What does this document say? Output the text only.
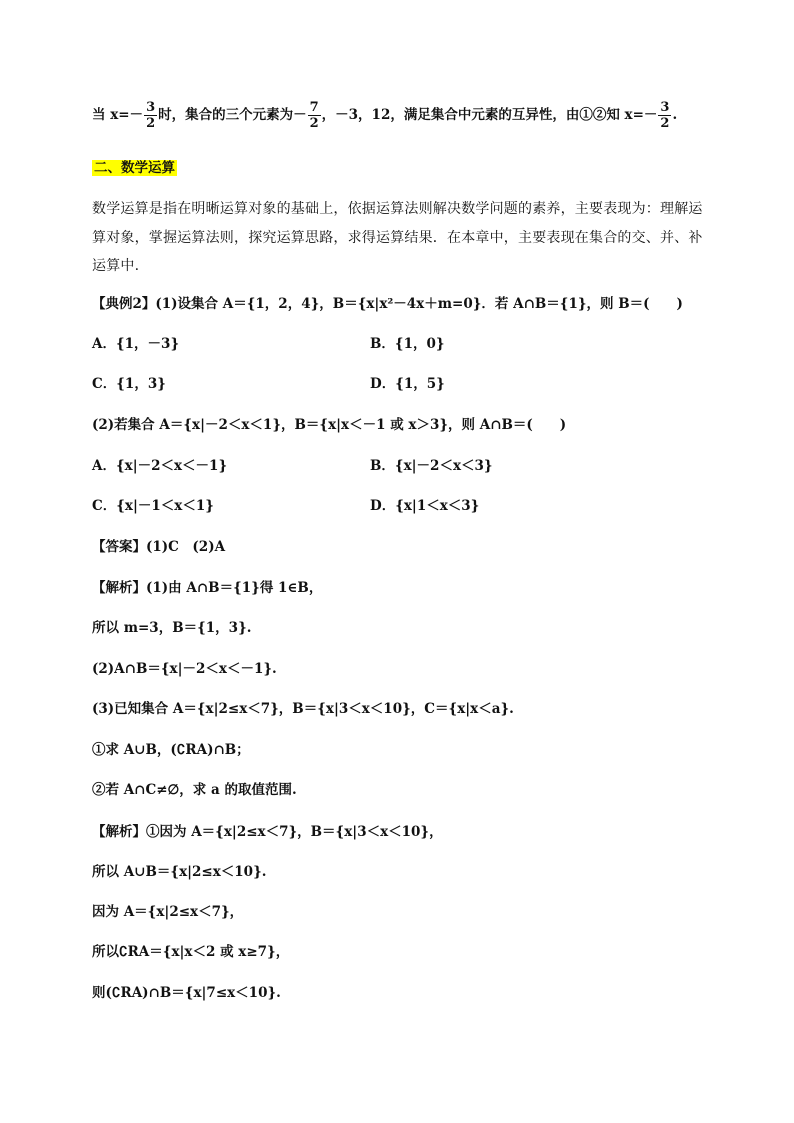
当 $x=- \frac{3}{2}$ 时，集合的三个元素为－ $\frac{7}{2}$ ，－3，12，满足集合中元素的互异性，由①②知 $x=- \frac{3}{2}$ .
二、数学运算
数学运算是指在明晰运算对象的基础上，依据运算法则解决数学问题的素养，主要表现为：理解运
算对象，掌握运算法则，探究运算思路，求得运算结果．在本章中，主要表现在集合的交、并、补
运算中.
【典例2】(1)设集合 A＝{1，2，4}，B＝{x|x²－4x＋m=0}．若 A∩B＝{1}，则 B＝(　　)
A．{1，－3}	B．{1，0}
C．{1，3}	D．{1，5}
(2)若集合 A＝{x|－2＜x＜1}，B＝{x|x＜－1 或 x＞3}，则 A∩B＝(　　)
A．{x|－2＜x＜－1}	B．{x|－2＜x＜3}
C．{x|－1＜x＜1}	D．{x|1＜x＜3}
【答案】(1)C　(2)A
【解析】(1)由 A∩B＝{1}得 1∈B，
所以 m=3，B＝{1，3}.
(2)A∩B＝{x|－2＜x＜－1}.
(3)已知集合 A＝{x|2≤x＜7}，B＝{x|3＜x＜10}，C＝{x|x＜a}.
①求 A∪B，(∁RA)∩B；
②若 A∩C≠∅，求 a 的取值范围.
【解析】①因为 A＝{x|2≤x＜7}，B＝{x|3＜x＜10}，
所以 A∪B＝{x|2≤x＜10}.
因为 A＝{x|2≤x＜7}，
所以∁RA＝{x|x＜2 或 x≥7}，
则(∁RA)∩B＝{x|7≤x＜10}.
